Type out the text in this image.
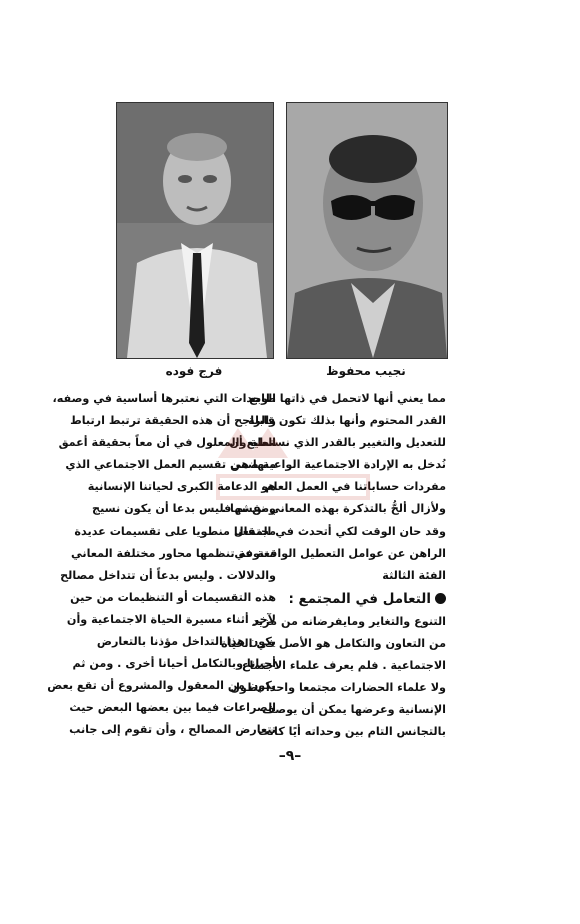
فرج فوده	نجيب محفوظ
مما يعني أنها لاتحمل في ذاتها طابع
القدر المحتوم وأنها بذلك تكون قابلة
للتعديل والتغيير بالقدر الذي نستطيع أن
نُدخل به الإرادة الاجتماعية الواعية ضمن
مفردات حساباتنا في العمل العام،
ولأزال ألحُّ بالتذكرة بهذه المعاني نفسها .
وقد حان الوقت لكي أتحدث في المقال
الراهن عن عوامل التعطيل الواقعة في
الفئة الثالثة
التعامل في المجتمع :
التنوع والتغاير ومايفرضانه من مزيد
من التعاون والتكامل هو الأصل في الحياة
الاجتماعية . فلم يعرف علماء الاجتماع
ولا علماء الحضارات مجتمعا واحدا بطول
الإنسانية وعرضها يمكن أن يوصف
بالتجانس التام بين وحداته أيًا كانت
الوحدات التي نعتبرها أساسية في وصفه،
والراجح أن هذه الحقيقة ترتبط ارتباط
العلة والمعلول في أن معاً بحقيقة أعمق
منها هي تقسيم العمل الاجتماعي الذي
هو الدعامة الكبرى لحياتنا الإنسانية
ومن ثم فليس بدعا أن يكون نسيج
مجتمعنا منطويا على تقسيمات عديدة
متنوعة تنظمها محاور مختلفة المعاني
والدلالات . وليس بدعاً أن تتداخل مصالح
هذه التقسيمات أو التنظيمات من حين
لآخر أثناء مسيرة الحياة الاجتماعية وأن
يكون هذا التداخل مؤذنا بالتعارض
أحيانا وبالتكامل أحيانا أخرى . ومن ثم
يكون من المعقول والمشروع أن تقع بعض
الصراعات فيما بين بعضها البعض حيث
تتعارض المصالح ، وأن تقوم إلى جانب
–٩–
